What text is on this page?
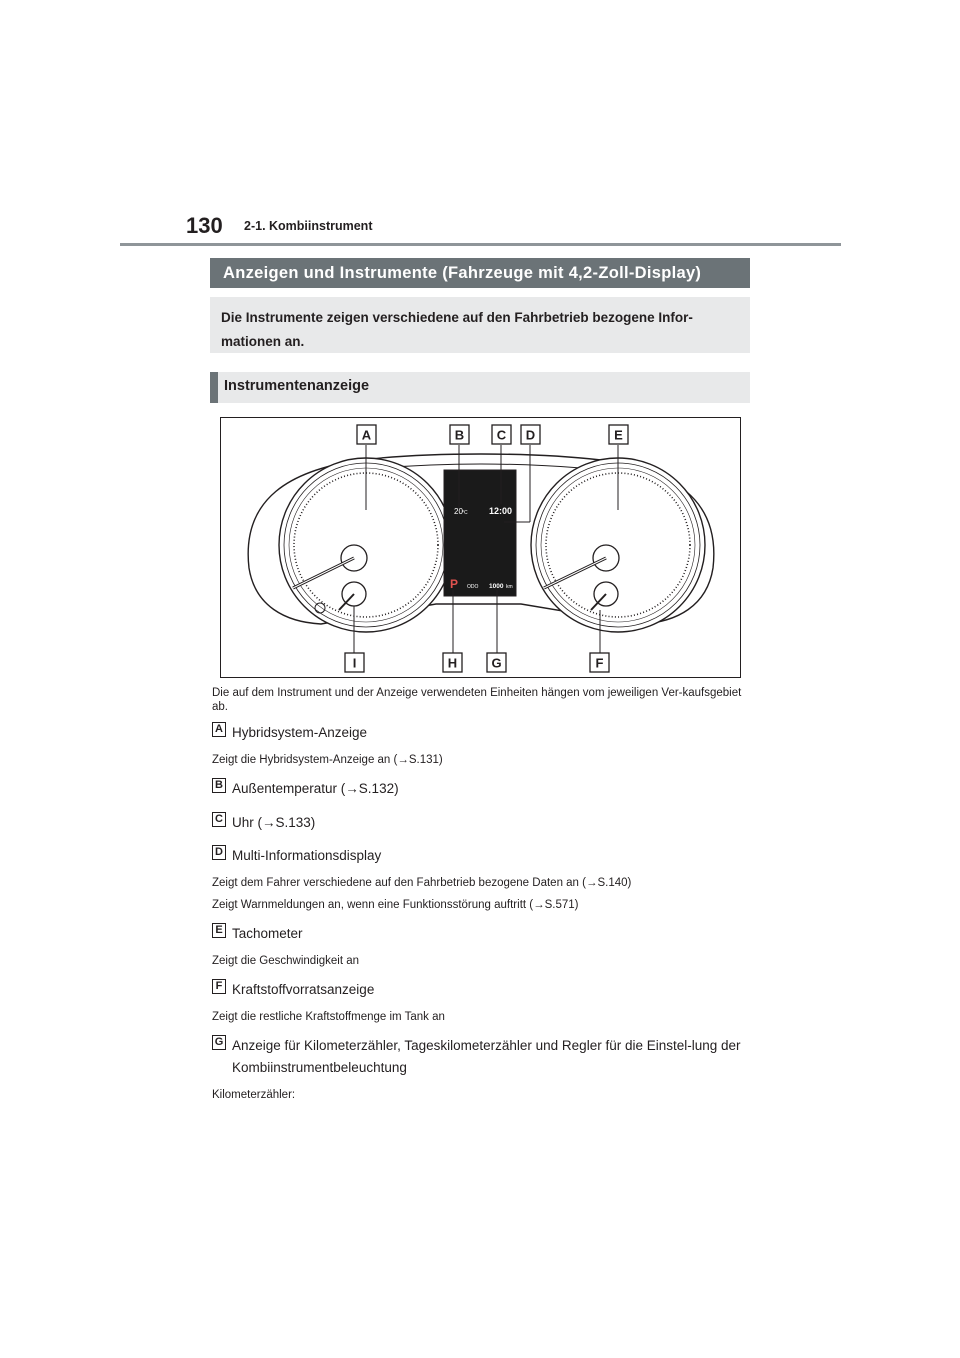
130 2-1. Kombiinstrument
Anzeigen und Instrumente (Fahrzeuge mit 4,2-Zoll-Display)
Die Instrumente zeigen verschiedene auf den Fahrbetrieb bezogene Infor-mationen an.
Instrumentenanzeige
20 °C 12:00
P ODO 1000 km
A	B	C D	E
I	H	G	F
Die auf dem Instrument und der Anzeige verwendeten Einheiten hängen vom jeweiligen Ver-kaufsgebiet ab.
A Hybridsystem-Anzeige
Zeigt die Hybridsystem-Anzeige an (→S.131)
B Außentemperatur (→S.132)
C Uhr (→S.133)
D Multi-Informationsdisplay
Zeigt dem Fahrer verschiedene auf den Fahrbetrieb bezogene Daten an (→S.140)
Zeigt Warnmeldungen an, wenn eine Funktionsstörung auftritt (→S.571)
E Tachometer
Zeigt die Geschwindigkeit an
F Kraftstoffvorratsanzeige
Zeigt die restliche Kraftstoffmenge im Tank an
G Anzeige für Kilometerzähler, Tageskilometerzähler und Regler für die Einstel-lung der Kombiinstrumentbeleuchtung
Kilometerzähler:
